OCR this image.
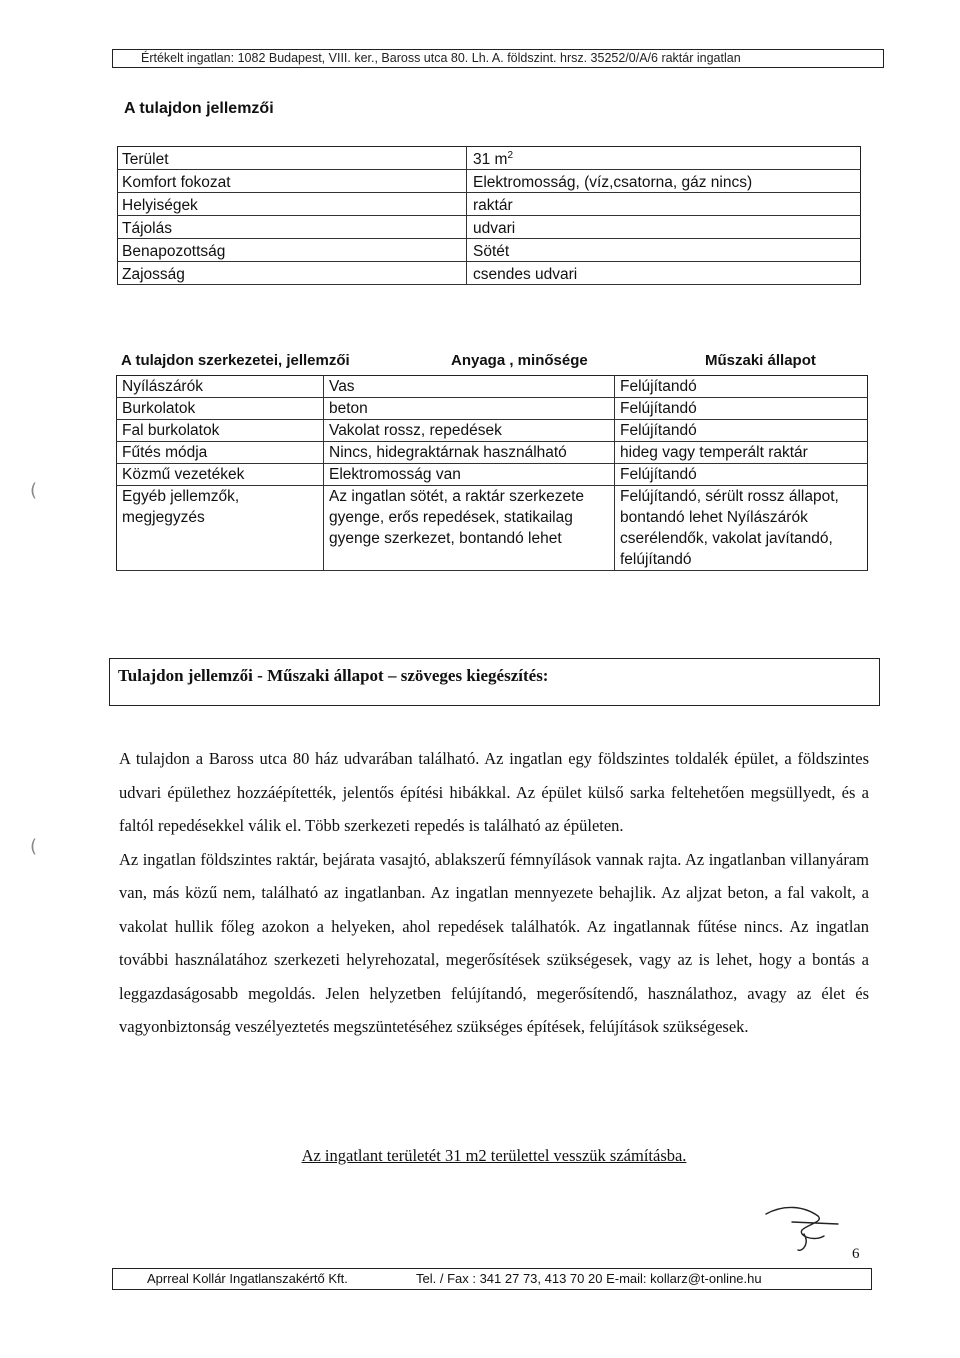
Értékelt ingatlan: 1082 Budapest, VIII. ker., Baross utca 80. Lh. A. földszint. hrsz. 35252/0/A/6 raktár ingatlan
A tulajdon jellemzői
Terület	31 $m^2$
Komfort fokozat	Elektromosság, (víz,csatorna, gáz nincs)
Helyiségek	raktár
Tájolás	udvari
Benapozottság	Sötét
Zajosság	csendes udvari
A tulajdon szerkezetei, jellemzői	Anyaga , minősége	Műszaki állapot
Nyílászárók	Vas	Felújítandó
Burkolatok	beton	Felújítandó
Fal burkolatok	Vakolat rossz, repedések	Felújítandó
Fűtés módja	Nincs, hidegraktárnak használható	hideg vagy temperált raktár
Közmű vezetékek	Elektromosság van	Felújítandó
Egyéb jellemzők, megjegyzés	Az ingatlan sötét, a raktár szerkezete gyenge, erős repedések, statikailag gyenge szerkezet, bontandó lehet	Felújítandó, sérült rossz állapot, bontandó lehet Nyílászárók cserélendők, vakolat javítandó, felújítandó
Tulajdon jellemzői - Műszaki állapot – szöveges kiegészítés:

A tulajdon a Baross utca 80 ház udvarában található. Az ingatlan egy földszintes toldalék épület, a földszintes udvari épülethez hozzáépítették, jelentős építési hibákkal. Az épület külső sarka feltehetően megsüllyedt, és a faltól repedésekkel válik el. Több szerkezeti repedés is található az épületen.

Az ingatlan földszintes raktár, bejárata vasajtó, ablakszerű fémnyílások vannak rajta. Az ingatlanban villanyáram van, más közű nem, található az ingatlanban. Az ingatlan mennyezete behajlik. Az aljzat beton, a fal vakolt, a vakolat hullik főleg azokon a helyeken, ahol repedések találhatók. Az ingatlannak fűtése nincs. Az ingatlan további használatához szerkezeti helyrehozatal, megerősítések szükségesek, vagy az is lehet, hogy a bontás a leggazdaságosabb megoldás. Jelen helyzetben felújítandó, megerősítendő, használathoz, avagy az élet és vagyonbiztonság veszélyeztetés megszüntetéséhez szükséges építések, felújítások szükségesek.

Az ingatlant területét 31 m2 területtel vesszük számításba.
6
Aprreal Kollár Ingatlanszakértő Kft.	Tel. / Fax : 341 27 73, 413 70 20 E-mail: kollarz@t-online.hu
(
(
